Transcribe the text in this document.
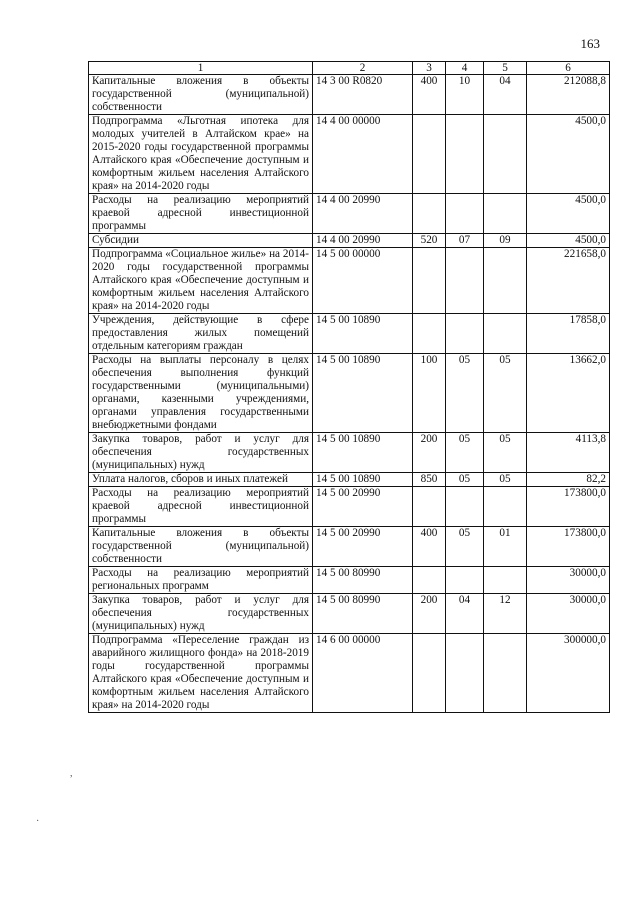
163
1	2	3	4	5	6
Капитальные вложения в объекты государственной (муниципальной) собственности	14 3 00 R0820	400	10	04	212088,8
Подпрограмма «Льготная ипотека для молодых учителей в Алтайском крае» на 2015-2020 годы государственной программы Алтайского края «Обеспечение доступным и комфортным жильем населения Алтайского края» на 2014-2020 годы	14 4 00 00000				4500,0
Расходы на реализацию мероприятий краевой адресной инвестиционной программы	14 4 00 20990				4500,0
Субсидии	14 4 00 20990	520	07	09	4500,0
Подпрограмма «Социальное жилье» на 2014-2020 годы государственной программы Алтайского края «Обеспечение доступным и комфортным жильем населения Алтайского края» на 2014-2020 годы	14 5 00 00000				221658,0
Учреждения, действующие в сфере предоставления жилых помещений отдельным категориям граждан	14 5 00 10890				17858,0
Расходы на выплаты персоналу в целях обеспечения выполнения функций государственными (муниципальными) органами, казенными учреждениями, органами управления государственными внебюджетными фондами	14 5 00 10890	100	05	05	13662,0
Закупка товаров, работ и услуг для обеспечения государственных (муниципальных) нужд	14 5 00 10890	200	05	05	4113,8
Уплата налогов, сборов и иных платежей	14 5 00 10890	850	05	05	82,2
Расходы на реализацию мероприятий краевой адресной инвестиционной программы	14 5 00 20990				173800,0
Капитальные вложения в объекты государственной (муниципальной) собственности	14 5 00 20990	400	05	01	173800,0
Расходы на реализацию мероприятий региональных программ	14 5 00 80990				30000,0
Закупка товаров, работ и услуг для обеспечения государственных (муниципальных) нужд	14 5 00 80990	200	04	12	30000,0
Подпрограмма «Переселение граждан из аварийного жилищного фонда» на 2018-2019 годы государственной программы Алтайского края «Обеспечение доступным и комфортным жильем населения Алтайского края» на 2014-2020 годы	14 6 00 00000				300000,0
,
·
